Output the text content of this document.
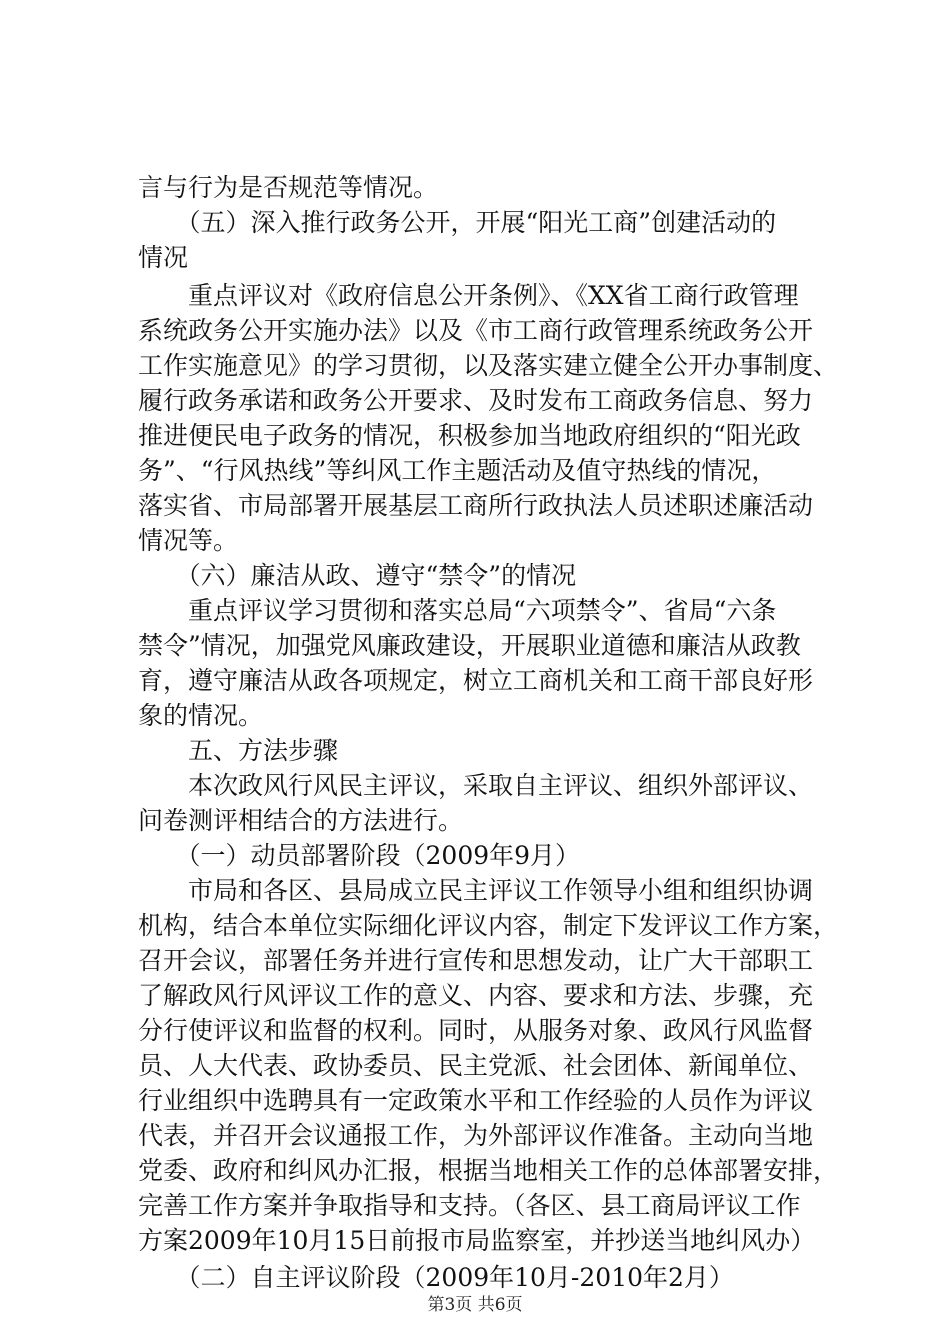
言与行为是否规范等情况。
　　（五）深入推行政务公开，开展“阳光工商”创建活动的
情况
　　重点评议对《政府信息公开条例》、《XX省工商行政管理
系统政务公开实施办法》以及《市工商行政管理系统政务公开
工作实施意见》的学习贯彻，以及落实建立健全公开办事制度、
履行政务承诺和政务公开要求、及时发布工商政务信息、努力
推进便民电子政务的情况，积极参加当地政府组织的“阳光政
务”、“行风热线”等纠风工作主题活动及值守热线的情况，
落实省、市局部署开展基层工商所行政执法人员述职述廉活动
情况等。
　　（六）廉洁从政、遵守“禁令”的情况
　　重点评议学习贯彻和落实总局“六项禁令”、省局“六条
禁令”情况，加强党风廉政建设，开展职业道德和廉洁从政教
育，遵守廉洁从政各项规定，树立工商机关和工商干部良好形
象的情况。
　　五、方法步骤
　　本次政风行风民主评议，采取自主评议、组织外部评议、
问卷测评相结合的方法进行。
　　（一）动员部署阶段（2009年9月）
　　市局和各区、县局成立民主评议工作领导小组和组织协调
机构，结合本单位实际细化评议内容，制定下发评议工作方案，
召开会议，部署任务并进行宣传和思想发动，让广大干部职工
了解政风行风评议工作的意义、内容、要求和方法、步骤，充
分行使评议和监督的权利。同时，从服务对象、政风行风监督
员、人大代表、政协委员、民主党派、社会团体、新闻单位、
行业组织中选聘具有一定政策水平和工作经验的人员作为评议
代表，并召开会议通报工作，为外部评议作准备。主动向当地
党委、政府和纠风办汇报，根据当地相关工作的总体部署安排，
完善工作方案并争取指导和支持。（各区、县工商局评议工作
方案2009年10月15日前报市局监察室，并抄送当地纠风办）
　　（二）自主评议阶段（2009年10月-2010年2月）
第3页 共6页
